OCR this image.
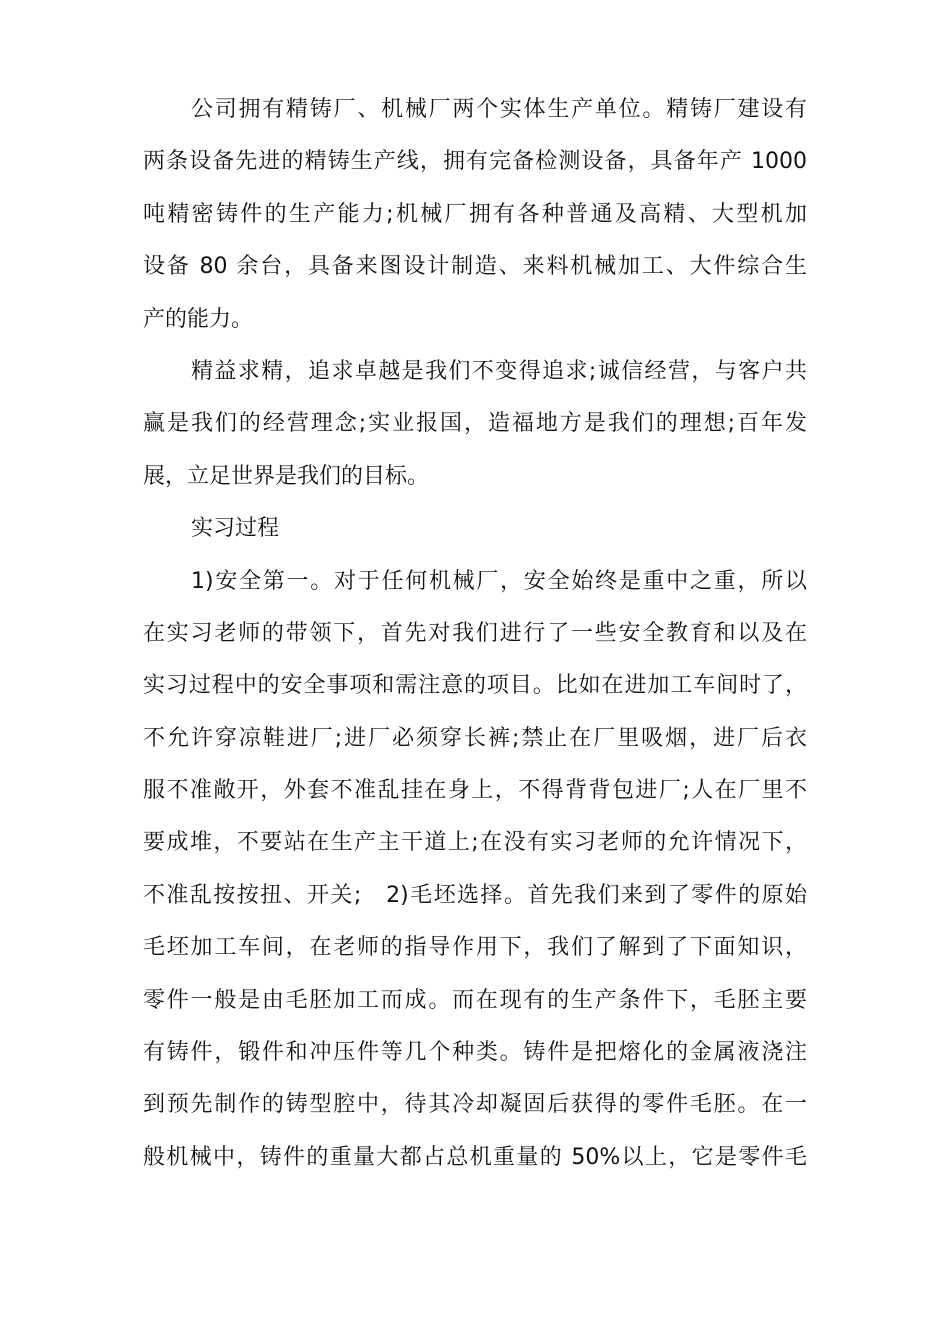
公司拥有精铸厂、机械厂两个实体生产单位。精铸厂建设有
两条设备先进的精铸生产线，拥有完备检测设备，具备年产 1000
吨精密铸件的生产能力;机械厂拥有各种普通及高精、大型机加
设备 80 余台，具备来图设计制造、来料机械加工、大件综合生
产的能力。
精益求精，追求卓越是我们不变得追求;诚信经营，与客户共
赢是我们的经营理念;实业报国，造福地方是我们的理想;百年发
展，立足世界是我们的目标。
实习过程
1)安全第一。对于任何机械厂，安全始终是重中之重，所以
在实习老师的带领下，首先对我们进行了一些安全教育和以及在
实习过程中的安全事项和需注意的项目。比如在进加工车间时了，
不允许穿凉鞋进厂;进厂必须穿长裤;禁止在厂里吸烟，进厂后衣
服不准敞开，外套不准乱挂在身上，不得背背包进厂;人在厂里不
要成堆，不要站在生产主干道上;在没有实习老师的允许情况下，
不准乱按按扭、开关;　2)毛坯选择。首先我们来到了零件的原始
毛坯加工车间，在老师的指导作用下，我们了解到了下面知识，
零件一般是由毛胚加工而成。而在现有的生产条件下，毛胚主要
有铸件，锻件和冲压件等几个种类。铸件是把熔化的金属液浇注
到预先制作的铸型腔中，待其冷却凝固后获得的零件毛胚。在一
般机械中，铸件的重量大都占总机重量的 50%以上，它是零件毛
